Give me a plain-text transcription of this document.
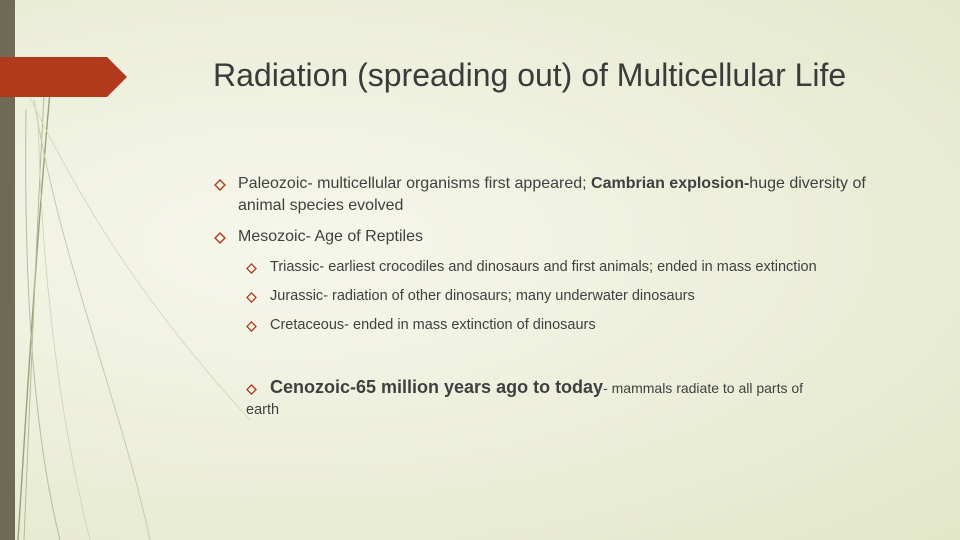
Radiation (spreading out) of Multicellular Life
Paleozoic- multicellular organisms first appeared; Cambrian explosion-huge diversity of animal species evolved
Mesozoic- Age of Reptiles
Triassic- earliest crocodiles and dinosaurs and first animals; ended in mass extinction
Jurassic- radiation of other dinosaurs; many underwater dinosaurs
Cretaceous- ended in mass extinction of dinosaurs
Cenozoic-65 million years ago to today- mammals radiate to all parts of
earth
